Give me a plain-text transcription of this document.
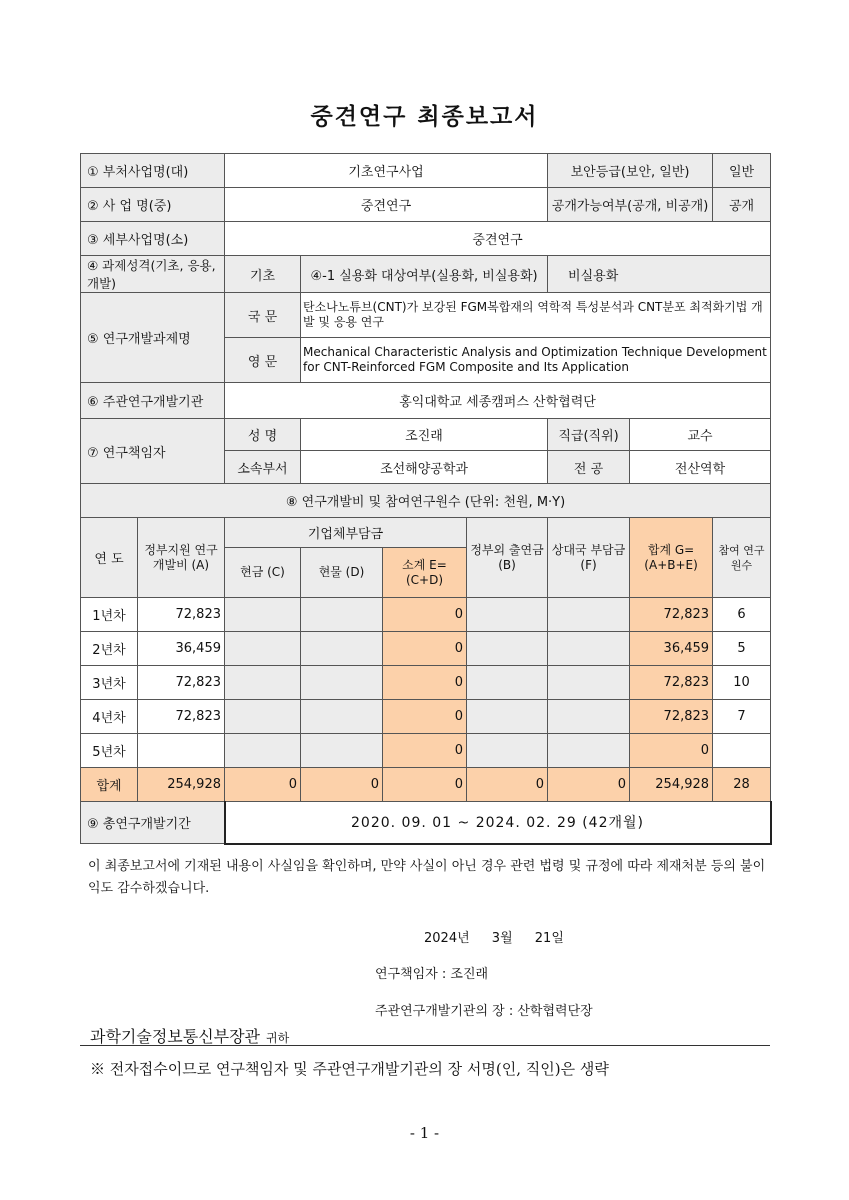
중견연구 최종보고서
① 부처사업명(대)		기초연구사업				보안등급(보안, 일반)		일반
② 사 업 명(중)		중견연구				공개가능여부(공개, 비공개)		공개
③ 세부사업명(소)		중견연구						
④ 과제성격(기초, 응용, 개발)		기초	④-1 실용화 대상여부(실용화, 비실용화)			비실용화		
⑤ 연구개발과제명		국 문	탄소나노튜브(CNT)가 보강된 FGM복합재의 역학적 특성분석과 CNT분포 최적화기법 개발 및 응용 연구					
		영 문	Mechanical Characteristic Analysis and Optimization Technique Development for CNT-Reinforced FGM Composite and Its Application					
⑥ 주관연구개발기관		홍익대학교 세종캠퍼스 산학협력단						
⑦ 연구책임자		성 명	조진래			직급(직위)	교수	
		소속부서	조선해양공학과			전 공	전산역학	
⑧ 연구개발비 및 참여연구원수 (단위: 천원, M·Y)								
연 도	정부지원 연구개발비 (A)	기업체부담금			정부외 출연금 (B)	상대국 부담금 (F)	합계 G=(A+B+E)	참여 연구원수
		현금 (C)	현물 (D)	소계 E=(C+D)				
1년차	72,823			0			72,823	6
2년차	36,459			0			36,459	5
3년차	72,823			0			72,823	10
4년차	72,823			0			72,823	7
5년차				0			0	
합계	254,928	0	0	0	0	0	254,928	28
⑨ 총연구개발기간		2020. 09. 01 ~ 2024. 02. 29 (42개월)						
이 최종보고서에 기재된 내용이 사실임을 확인하며, 만약 사실이 아닌 경우 관련 법령 및 규정에 따라 제재처분 등의 불이익도 감수하겠습니다.
2024년 3월 21일
연구책임자 : 조진래
주관연구개발기관의 장 : 산학협력단장
과학기술정보통신부장관 귀하
※ 전자접수이므로 연구책임자 및 주관연구개발기관의 장 서명(인, 직인)은 생략
- 1 -
